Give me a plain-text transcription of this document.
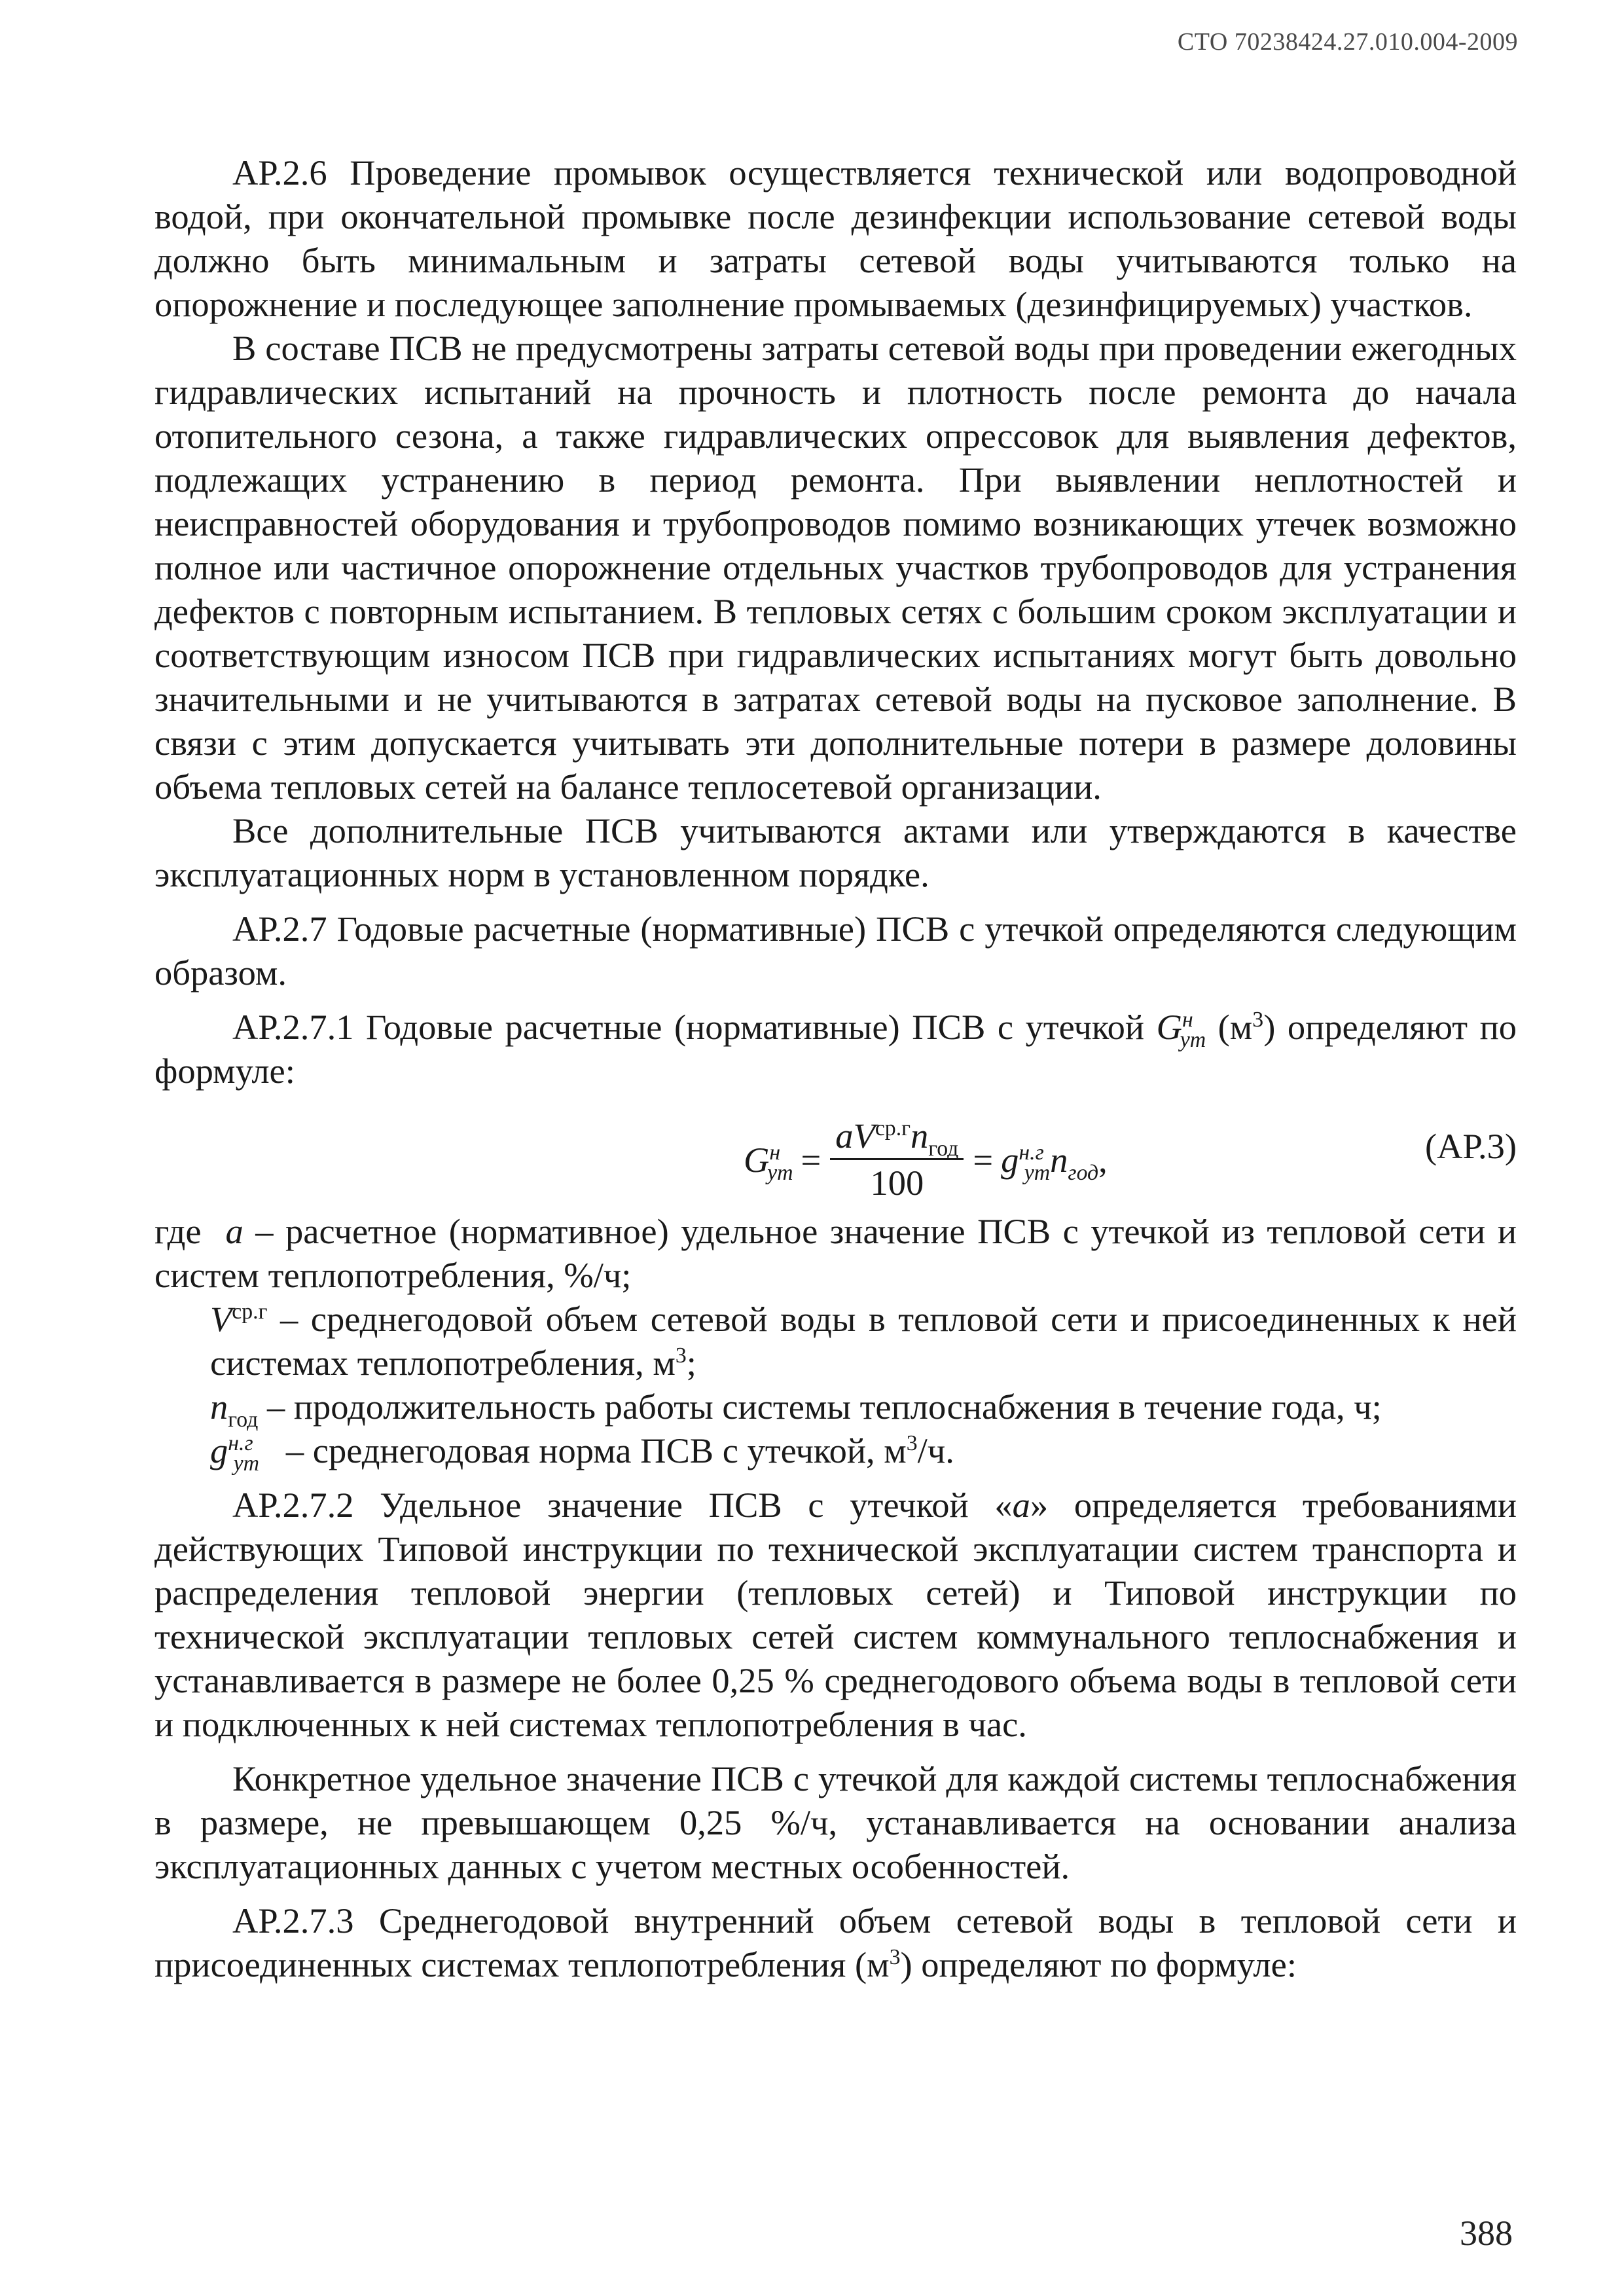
СТО 70238424.27.010.004-2009

АР.2.6 Проведение промывок осуществляется технической или водопроводной водой, при окончательной промывке после дезинфекции использование сетевой воды должно быть минимальным и затраты сетевой воды учитываются только на опорожнение и последующее заполнение промываемых (дезинфицируемых) участков.

В составе ПСВ не предусмотрены затраты сетевой воды при проведении ежегодных гидравлических испытаний на прочность и плотность после ремонта до начала отопительного сезона, а также гидравлических опрессовок для выявления дефектов, подлежащих устранению в период ремонта. При выявлении неплотностей и неисправностей оборудования и трубопроводов помимо возникающих утечек возможно полное или частичное опорожнение отдельных участков трубопроводов для устранения дефектов с повторным испытанием. В тепловых сетях с большим сроком эксплуатации и соответствующим износом ПСВ при гидравлических испытаниях могут быть довольно значительными и не учитываются в затратах сетевой воды на пусковое заполнение. В связи с этим допускается учитывать эти дополнительные потери в размере доловины объема тепловых сетей на балансе теплосетевой организации.

Все дополнительные ПСВ учитываются актами или утверждаются в качестве эксплуатационных норм в установленном порядке.

АР.2.7 Годовые расчетные (нормативные) ПСВ с утечкой определяются следующим образом.

АР.2.7.1 Годовые расчетные (нормативные) ПСВ с утечкой $G^н_{ут}$ $(м^3)$ определяют по формуле:

$G^н_{ут} = \frac{aV^{ср.г}n_{год}}{100} = g^{н.г}_{ут}n_{год}$ ,	(АР.3)

где a – расчетное (нормативное) удельное значение ПСВ с утечкой из тепловой сети и систем теплопотребления, %/ч;

$V^{ср.г}$ – среднегодовой объем сетевой воды в тепловой сети и присоединенных к ней системах теплопотребления, $м^3$;

$n_{год}$ – продолжительность работы системы теплоснабжения в течение года, ч;

$g^{н.г}_{ут}$   – среднегодовая норма ПСВ с утечкой, $м^3/ч$.

АР.2.7.2 Удельное значение ПСВ с утечкой «a» определяется требованиями действующих Типовой инструкции по технической эксплуатации систем транспорта и распределения тепловой энергии (тепловых сетей) и Типовой инструкции по технической эксплуатации тепловых сетей систем коммунального теплоснабжения и устанавливается в размере не более 0,25 % среднегодового объема воды в тепловой сети и подключенных к ней системах теплопотребления в час.

Конкретное удельное значение ПСВ с утечкой для каждой системы теплоснабжения в размере, не превышающем 0,25 %/ч, устанавливается на основании анализа эксплуатационных данных с учетом местных особенностей.

АР.2.7.3 Среднегодовой внутренний объем сетевой воды в тепловой сети и присоединенных системах теплопотребления $(м^3)$ определяют по формуле:

388
